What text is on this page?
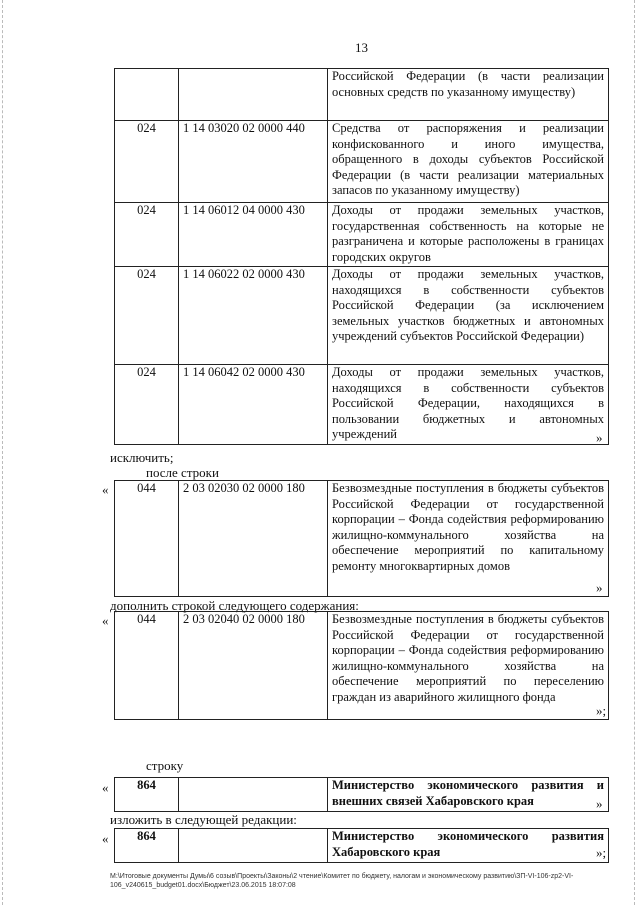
13
		Российской Федерации (в части реализации основных средств по указанному имуществу)
024	1 14 03020 02 0000 440	Средства от распоряжения и реализации конфискованного и иного имущества, обращенного в доходы субъектов Российской Федерации (в части реализации материальных запасов по указанному имуществу)
024	1 14 06012 04 0000 430	Доходы от продажи земельных участков, государственная собственность на которые не разграничена и которые расположены в границах городских округов
024	1 14 06022 02 0000 430	Доходы от продажи земельных участков, находящихся в собственности субъектов Российской Федерации (за исключением земельных участков бюджетных и автономных учреждений субъектов Российской Федерации)
024	1 14 06042 02 0000 430	Доходы от продажи земельных участков, находящихся в собственности субъектов Российской Федерации, находящихся в пользовании бюджетных и автономных учреждений	»
исключить;
после строки
« 044	2 03 02030 02 0000 180	Безвозмездные поступления в бюджеты субъектов Российской Федерации от государственной корпорации – Фонда содействия реформированию жилищно-коммунального хозяйства на обеспечение мероприятий по капитальному ремонту многоквартирных домов
»
дополнить строкой следующего содержания:
« 044	2 03 02040 02 0000 180	Безвозмездные поступления в бюджеты субъектов Российской Федерации от государственной корпорации – Фонда содействия реформированию жилищно-коммунального хозяйства на обеспечение мероприятий по переселению граждан из аварийного жилищного фонда
»;
строку
« 864		Министерство экономического развития и внешних связей Хабаровского края	»
изложить в следующей редакции:
« 864		Министерство экономического развития Хабаровского края	»;
M:\Итоговые документы Думы\6 созыв\Проекты\Законы\2 чтение\Комитет по бюджету, налогам и экономическому развитию\ЗП-VI-106-zp2-VI-106_v240615_budget01.docx\Бюджет\23.06.2015 18:07:08
